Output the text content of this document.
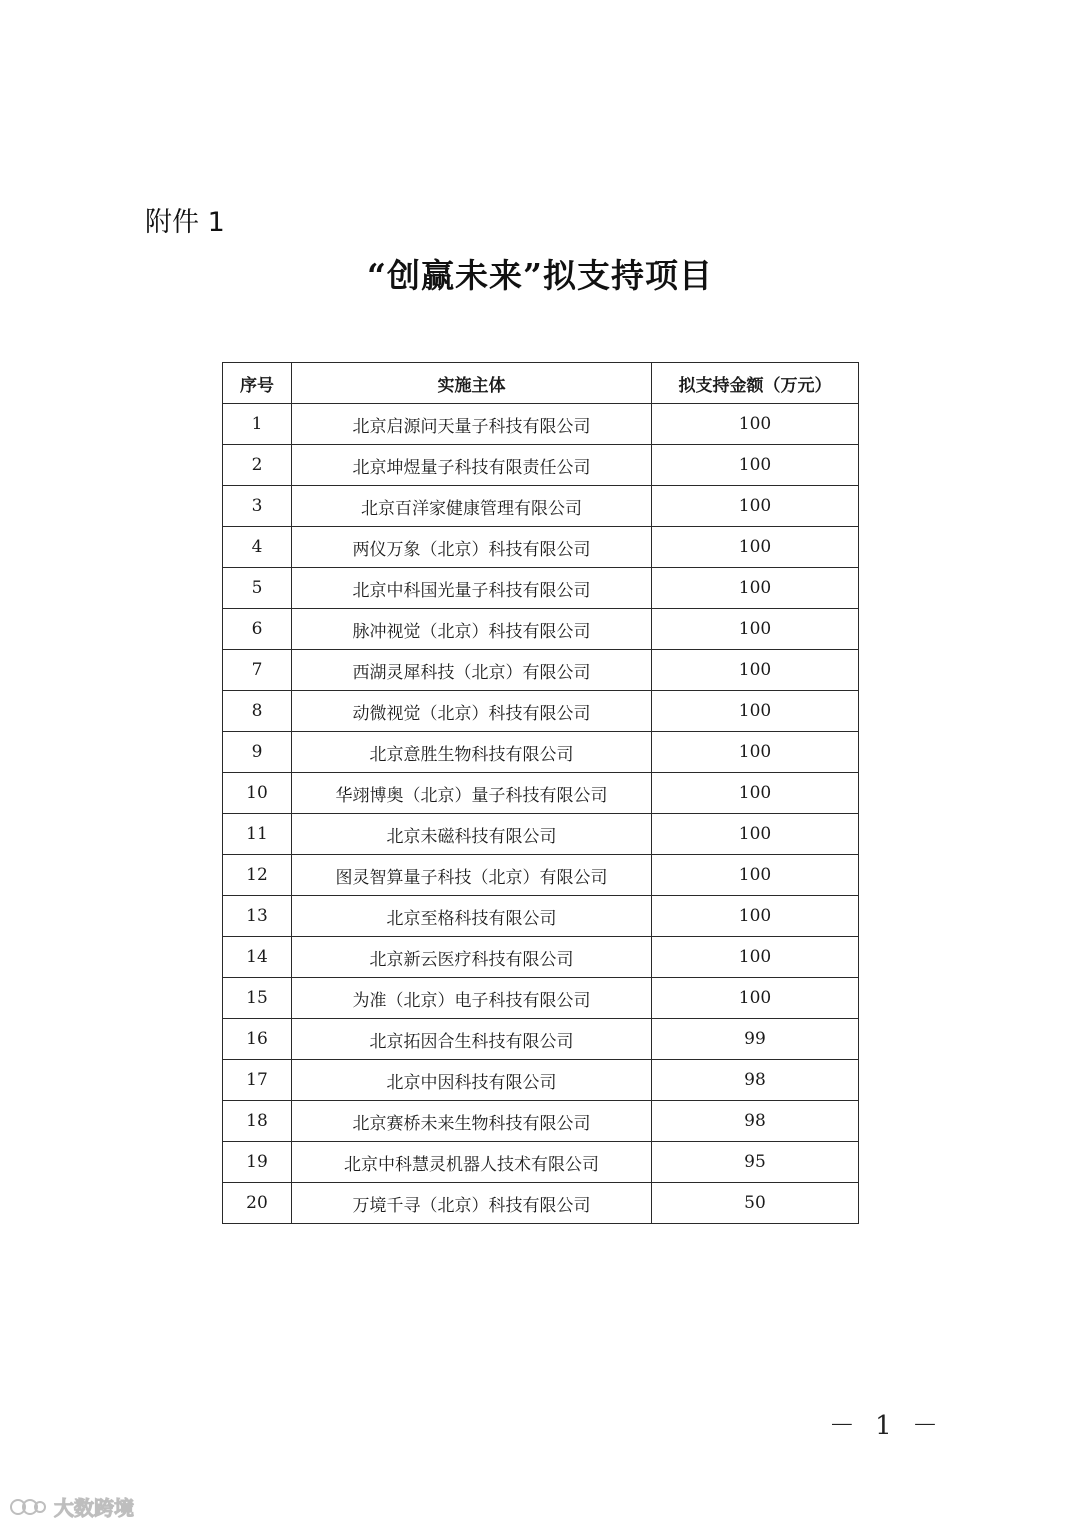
附件 1
“创赢未来”拟支持项目
序号	实施主体	拟支持金额（万元）
1	北京启源问天量子科技有限公司	100
2	北京坤煜量子科技有限责任公司	100
3	北京百洋家健康管理有限公司	100
4	两仪万象（北京）科技有限公司	100
5	北京中科国光量子科技有限公司	100
6	脉冲视觉（北京）科技有限公司	100
7	西湖灵犀科技（北京）有限公司	100
8	动微视觉（北京）科技有限公司	100
9	北京意胜生物科技有限公司	100
10	华翊博奥（北京）量子科技有限公司	100
11	北京未磁科技有限公司	100
12	图灵智算量子科技（北京）有限公司	100
13	北京至格科技有限公司	100
14	北京新云医疗科技有限公司	100
15	为准（北京）电子科技有限公司	100
16	北京拓因合生科技有限公司	99
17	北京中因科技有限公司	98
18	北京赛桥未来生物科技有限公司	98
19	北京中科慧灵机器人技术有限公司	95
20	万境千寻（北京）科技有限公司	50
－ 1 －
大数跨境
